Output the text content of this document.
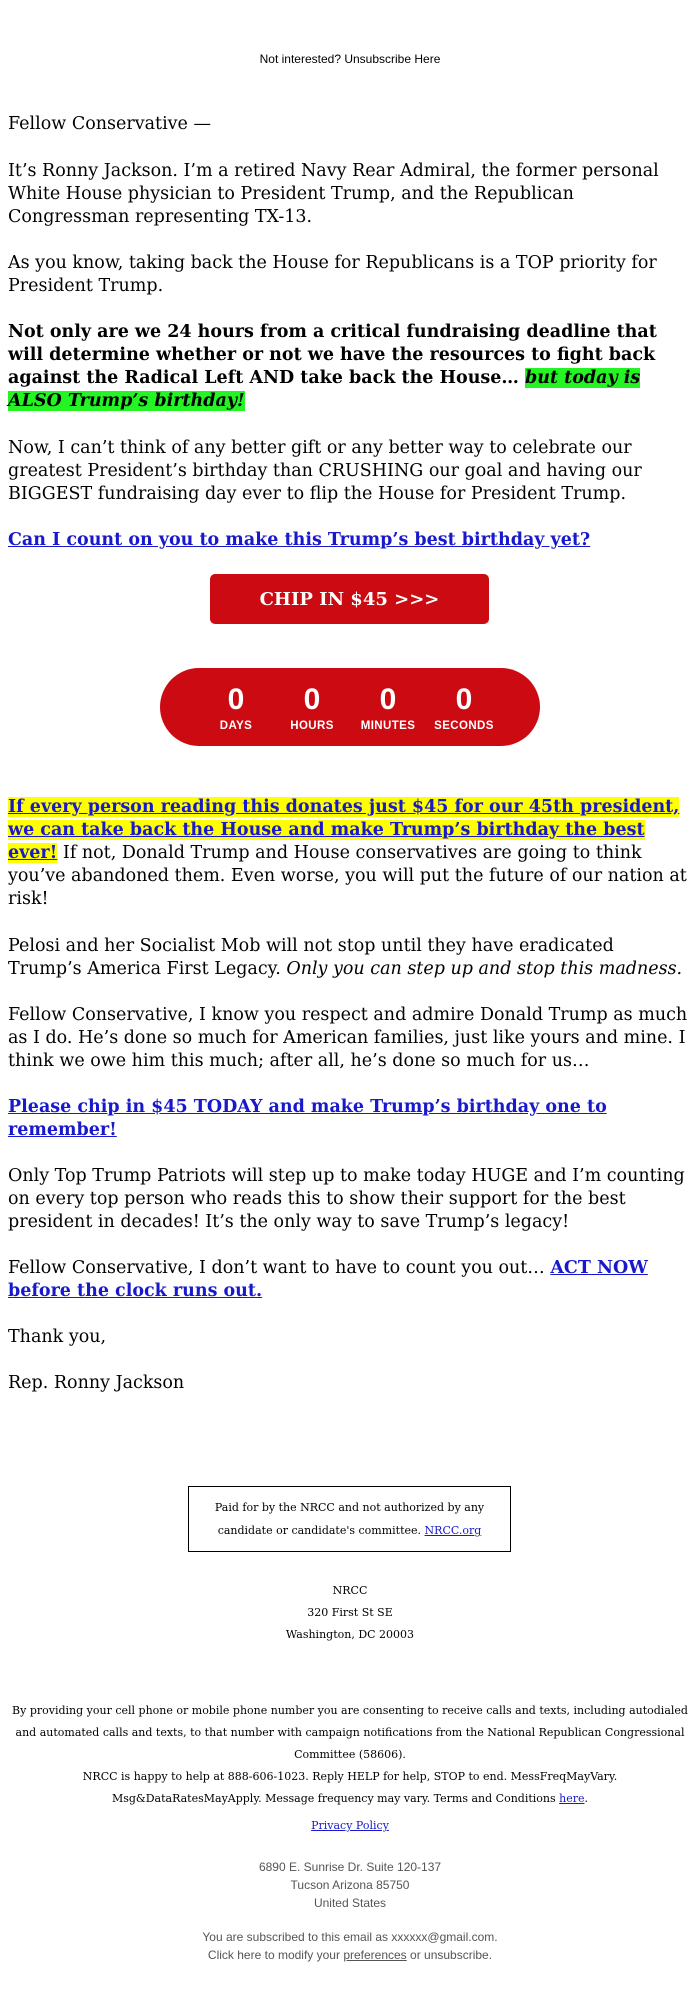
Not interested? Unsubscribe Here

Fellow Conservative —

It’s Ronny Jackson. I’m a retired Navy Rear Admiral, the former personal White House physician to President Trump, and the Republican Congressman representing TX-13.

As you know, taking back the House for Republicans is a TOP priority for President Trump.

Not only are we 24 hours from a critical fundraising deadline that will determine whether or not we have the resources to fight back against the Radical Left AND take back the House… but today is ALSO Trump’s birthday!

Now, I can’t think of any better gift or any better way to celebrate our greatest President’s birthday than CRUSHING our goal and having our BIGGEST fundraising day ever to flip the House for President Trump.

Can I count on you to make this Trump’s best birthday yet?

CHIP IN $45 >>>
0
DAYS
0
HOURS
0
MINUTES
0
SECONDS

If every person reading this donates just $45 for our 45th president, we can take back the House and make Trump’s birthday the best ever! If not, Donald Trump and House conservatives are going to think you’ve abandoned them. Even worse, you will put the future of our nation at risk!

Pelosi and her Socialist Mob will not stop until they have eradicated Trump’s America First Legacy. Only you can step up and stop this madness.

Fellow Conservative, I know you respect and admire Donald Trump as much as I do. He’s done so much for American families, just like yours and mine. I think we owe him this much; after all, he’s done so much for us…

Please chip in $45 TODAY and make Trump’s birthday one to remember!

Only Top Trump Patriots will step up to make today HUGE and I’m counting on every top person who reads this to show their support for the best president in decades! It’s the only way to save Trump’s legacy!

Fellow Conservative, I don’t want to have to count you out… ACT NOW before the clock runs out.

Thank you,

Rep. Ronny Jackson

Paid for by the NRCC and not authorized by any candidate or candidate's committee. NRCC.org
NRCC
320 First St SE
Washington, DC 20003
By providing your cell phone or mobile phone number you are consenting to receive calls and texts, including autodialed and automated calls and texts, to that number with campaign notifications from the National Republican Congressional Committee (58606).
NRCC is happy to help at 888-606-1023. Reply HELP for help, STOP to end. MessFreqMayVary. Msg&DataRatesMayApply. Message frequency may vary. Terms and Conditions here.
Privacy Policy
6890 E. Sunrise Dr. Suite 120-137
Tucson Arizona 85750
United States
You are subscribed to this email as xxxxxx@gmail.com.
Click here to modify your preferences or unsubscribe.
